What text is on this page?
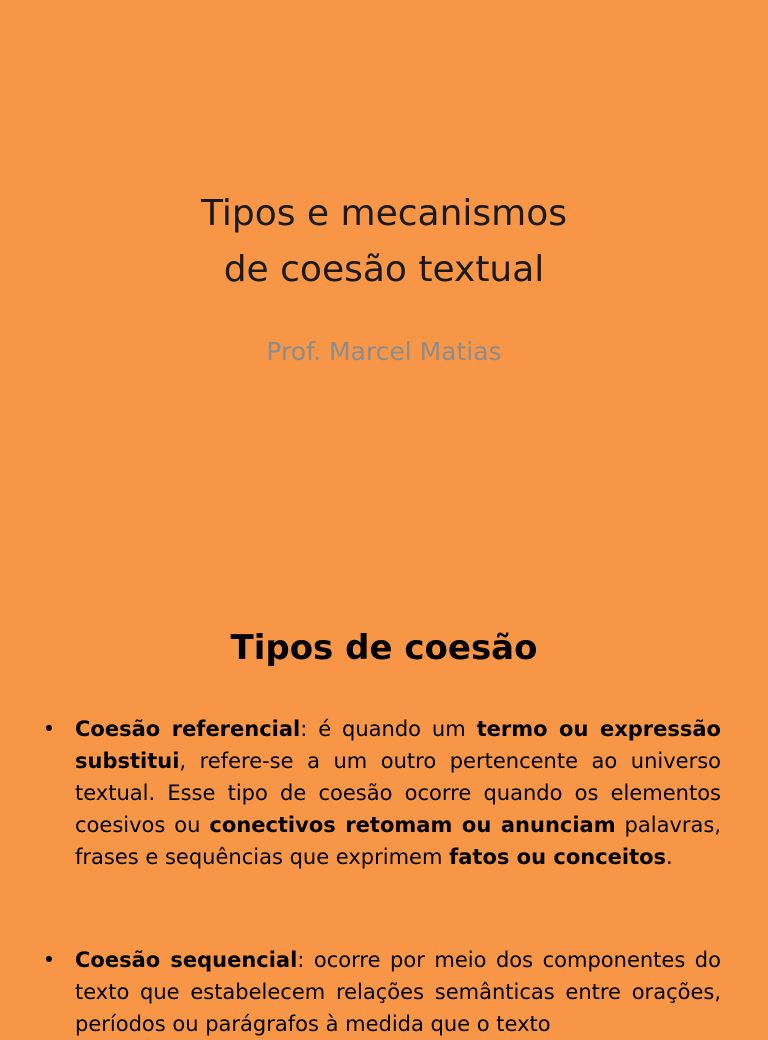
Tipos e mecanismos
de coesão textual
Prof. Marcel Matias
Tipos de coesão
• Coesão referencial: é quando um termo ou expressão substitui, refere-se a um outro pertencente ao universo textual. Esse tipo de coesão ocorre quando os elementos coesivos ou conectivos retomam ou anunciam palavras, frases e sequências que exprimem fatos ou conceitos.

• Coesão sequencial: ocorre por meio dos componentes do texto que estabelecem relações semânticas entre orações, períodos ou parágrafos à medida que o texto
